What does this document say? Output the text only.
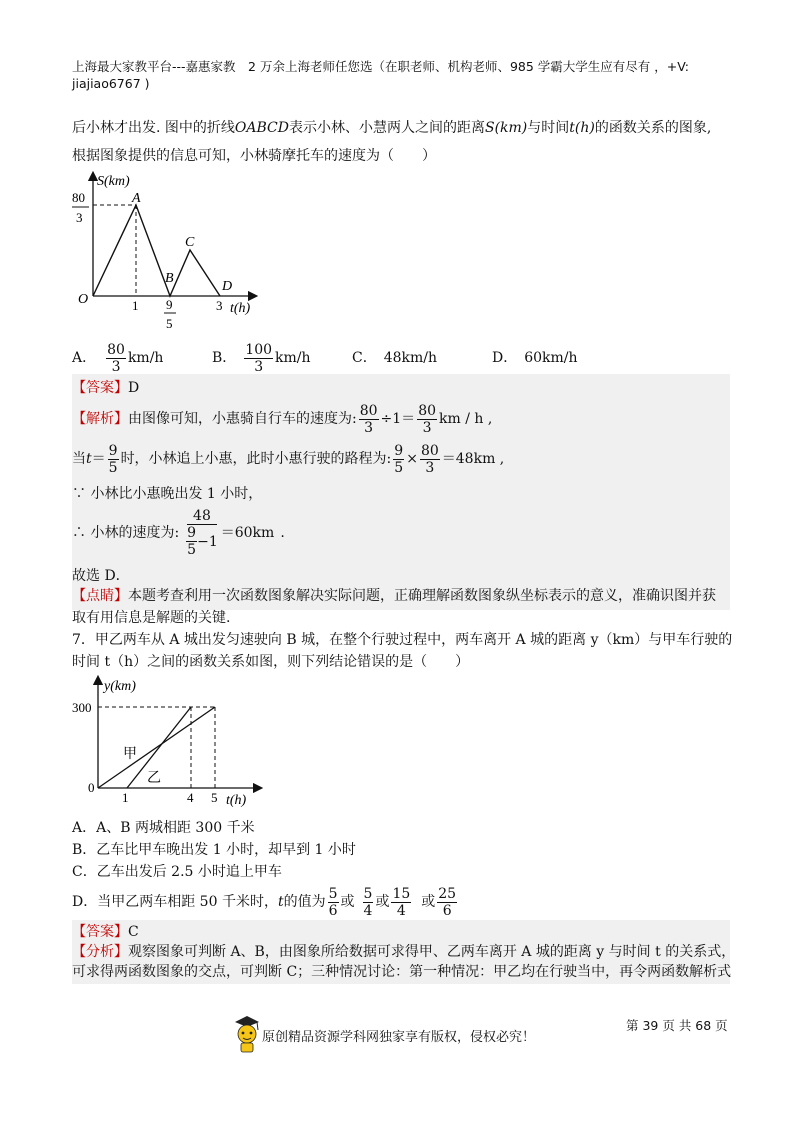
上海最大家教平台---嘉惠家教　2 万余上海老师任您选（在职老师、机构老师、985 学霸大学生应有尽有 ，+V:
jiajiao6767 )
后小林才出发. 图中的折线OABCD表示小林、小慧两人之间的距离S(km)与时间t(h)的函数关系的图象,
根据图象提供的信息可知，小林骑摩托车的速度为（　　）
S(km)
t(h)
O
80
3
1 9
5
3
A
B
C
D
A． $\frac{80}{3} km/h$	B． $\frac{100}{3} km/h$	C．　48km/h	D．　60km/h
【答案】D
【解析】 由图像可知，小惠骑自行车的速度为: $\frac{80}{3} \div 1= \frac{80}{3}$ km / h ,
当 $t = \frac{9}{5}$ 时，小林追上小惠，此时小惠行驶的路程为: $\frac{9}{5} \times \frac{80}{3} =48km$ ,
∵ 小林比小惠晚出发 1 小时，
∴ 小林的速度为: $\frac{48}{\frac{9}{5} -1} =60km$ .
故选 D．
【点睛】本题考查利用一次函数图象解决实际问题，正确理解函数图象纵坐标表示的意义，准确识图并获
取有用信息是解题的关键.
7．甲乙两车从 A 城出发匀速驶向 B 城，在整个行驶过程中，两车离开 A 城的距离 y（km）与甲车行驶的
时间 t（h）之间的函数关系如图，则下列结论错误的是（　　）
y(km)
t(h)
300
0
1	4 5
甲
乙
A．A、B 两城相距 300 千米
B．乙车比甲车晚出发 1 小时，却早到 1 小时
C．乙车出发后 2.5 小时追上甲车
D．当甲乙两车相距 50 千米时， t 的值为 $\frac{5}{6}$ 或 $\frac{5}{4}$ 或 $\frac{15}{4}$ 或 $\frac{25}{6}$
【答案】C
【分析】观察图象可判断 A、B，由图象所给数据可求得甲、乙两车离开 A 城的距离 y 与时间 t 的关系式，
可求得两函数图象的交点，可判断 C；三种情况讨论：第一种情况：甲乙均在行驶当中，再令两函数解析式
原创精品资源学科网独家享有版权，侵权必究！
第 39 页 共 68 页
